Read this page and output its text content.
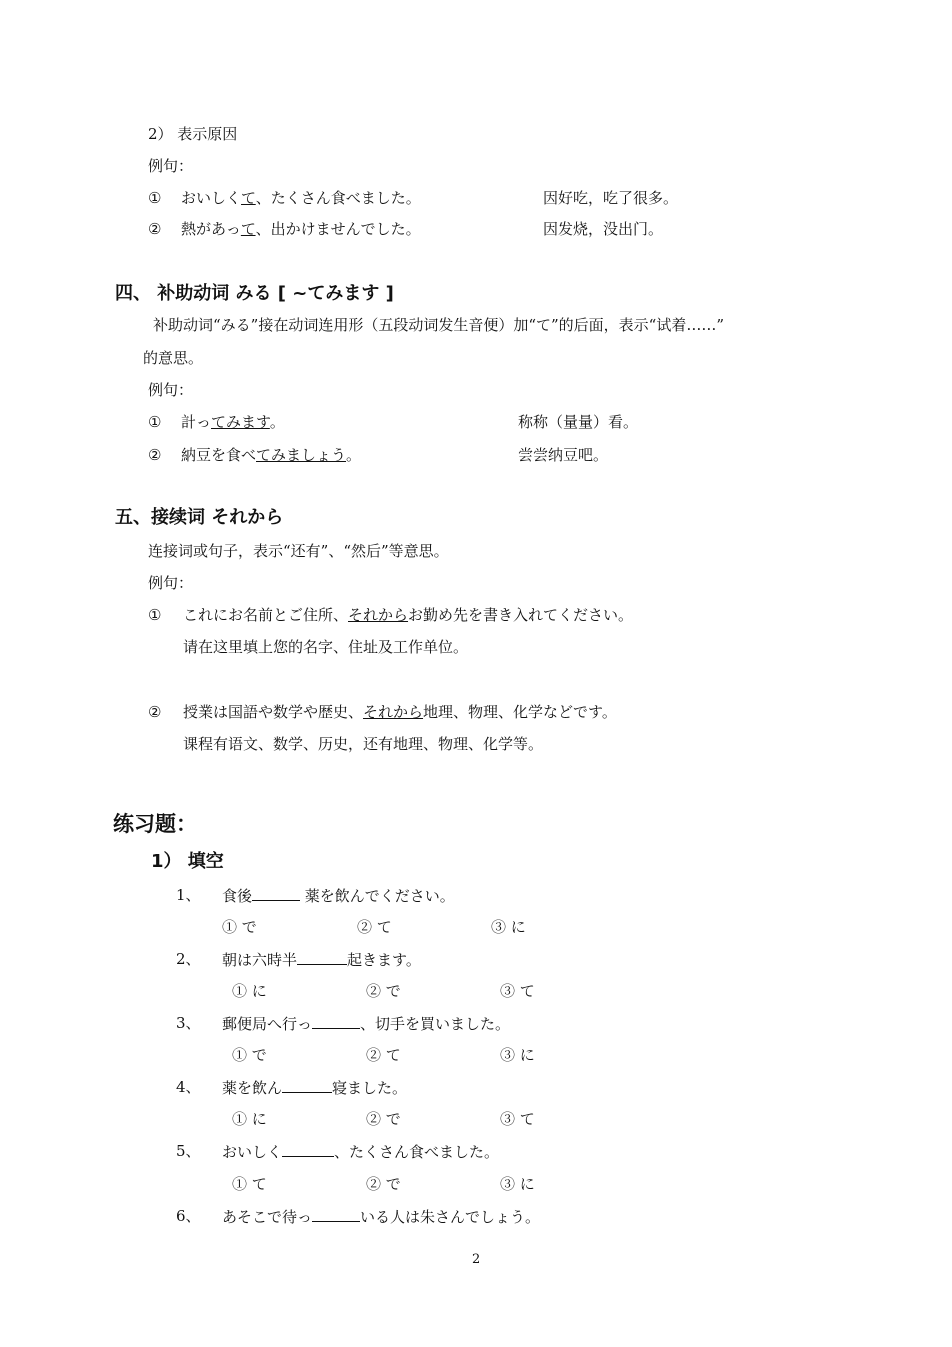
2） 表示原因
例句：
① おいしくて、たくさん食べました。	因好吃，吃了很多。
② 熱があって、出かけませんでした。	因发烧，没出门。
四、 补助动词 みる [ ~てみます ]
补助动词“みる”接在动词连用形（五段动词发生音便）加“て”的后面，表示“试着……”
的意思。
例句：
① 計ってみます。	称称（量量）看。
② 納豆を食べてみましょう。	尝尝纳豆吧。
五、接续词 それから
连接词或句子，表示“还有”、“然后”等意思。
例句：
① これにお名前とご住所、それからお勤め先を書き入れてください。
请在这里填上您的名字、住址及工作单位。
② 授業は国語や数学や歴史、それから地理、物理、化学などです。
课程有语文、数学、历史，还有地理、物理、化学等。
练习题：
1） 填空
1、 食後	薬を飲んでください。
① で	② て	③ に
2、 朝は六時半	起きます。
① に	② で	③ て
3、 郵便局へ行っ	、切手を買いました。
① で	② て	③ に
4、 薬を飲ん	寝ました。
① に	② で	③ て
5、 おいしく	、たくさん食べました。
① て	② で	③ に
6、 あそこで待っ	いる人は朱さんでしょう。
2
